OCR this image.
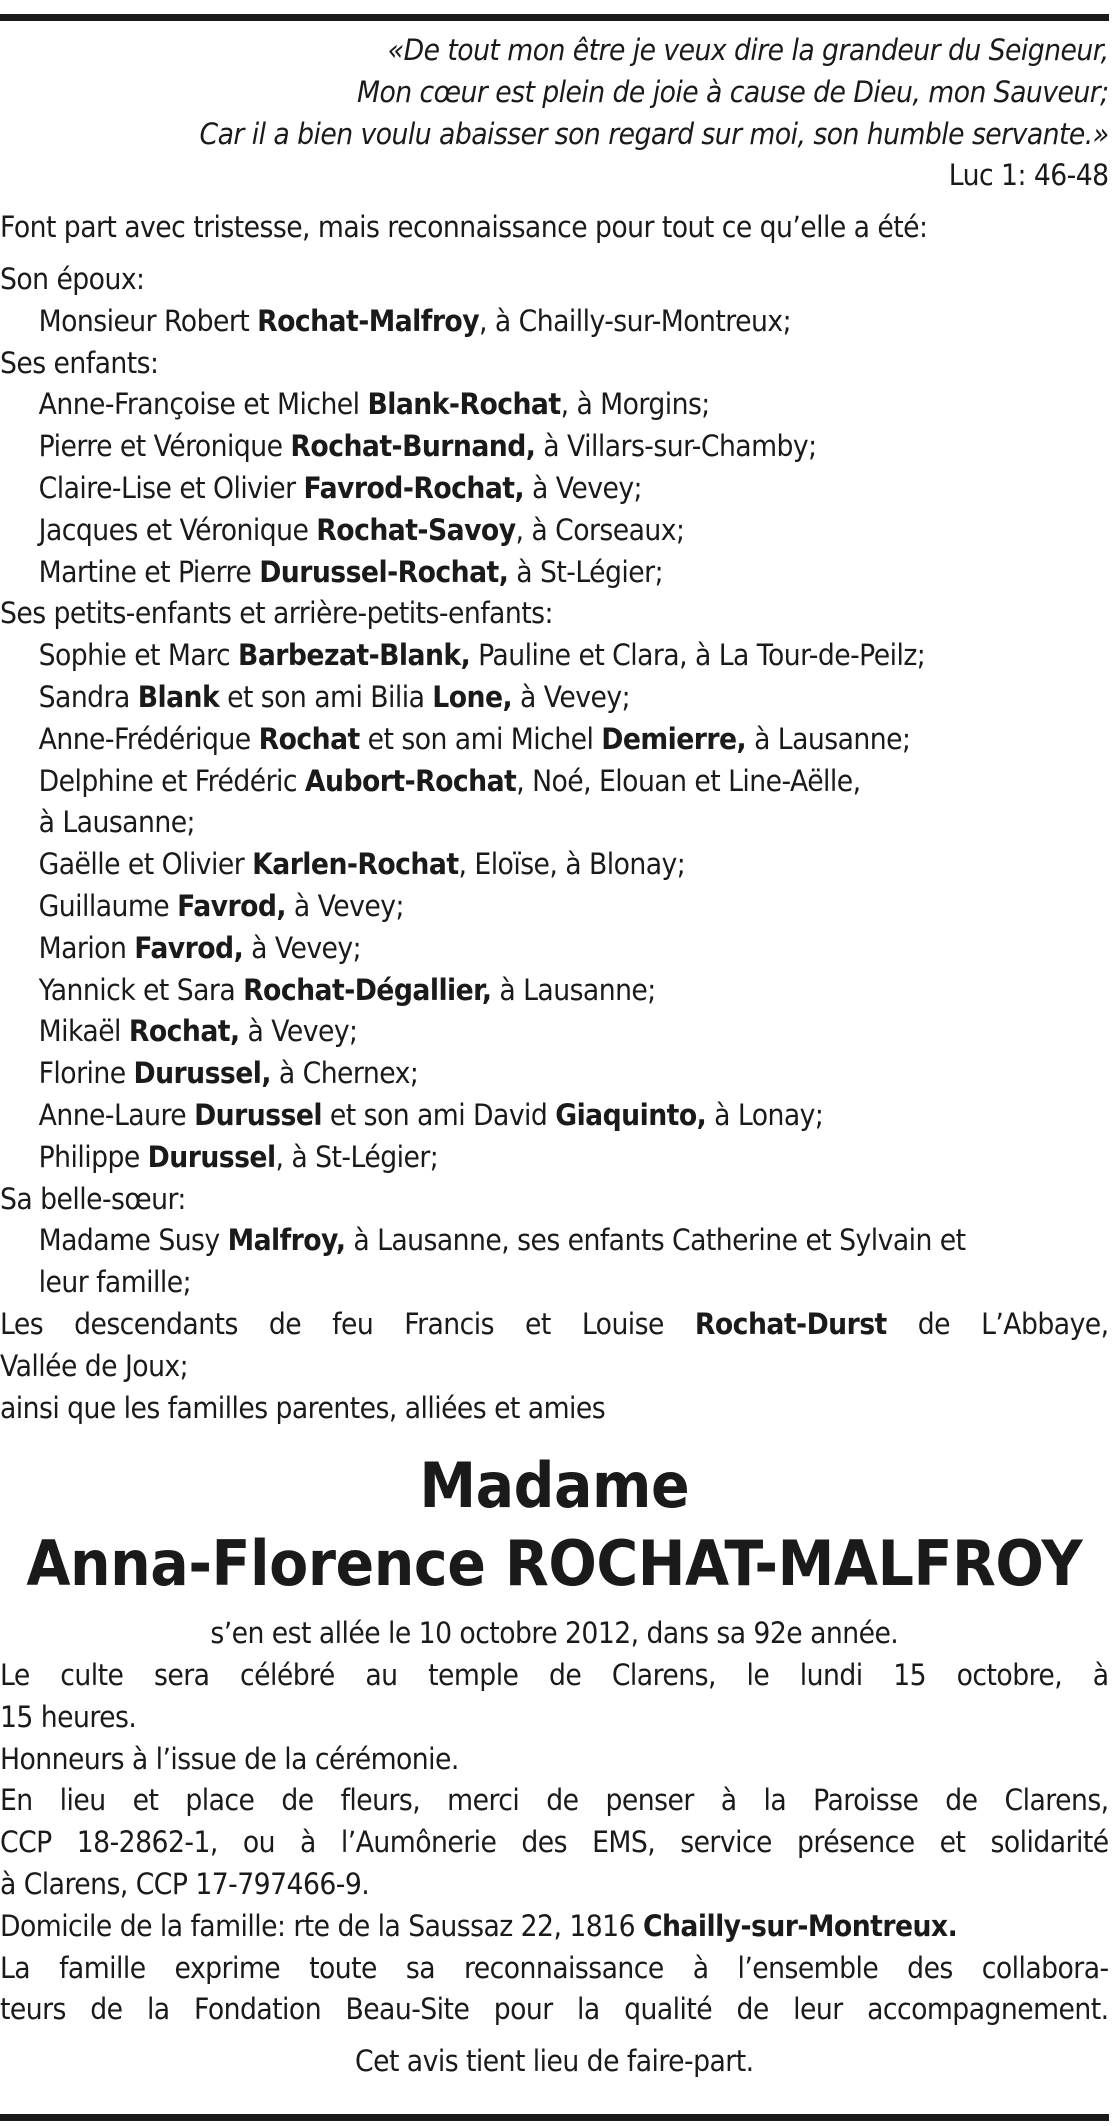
«De tout mon être je veux dire la grandeur du Seigneur,
Mon cœur est plein de joie à cause de Dieu, mon Sauveur;
Car il a bien voulu abaisser son regard sur moi, son humble servante.»
Luc 1: 46-48
Font part avec tristesse, mais reconnaissance pour tout ce qu’elle a été:
Son époux:
Monsieur Robert Rochat-Malfroy, à Chailly-sur-Montreux;
Ses enfants:
Anne-Françoise et Michel Blank-Rochat, à Morgins;
Pierre et Véronique Rochat-Burnand, à Villars-sur-Chamby;
Claire-Lise et Olivier Favrod-Rochat, à Vevey;
Jacques et Véronique Rochat-Savoy, à Corseaux;
Martine et Pierre Durussel-Rochat, à St-Légier;
Ses petits-enfants et arrière-petits-enfants:
Sophie et Marc Barbezat-Blank, Pauline et Clara, à La Tour-de-Peilz;
Sandra Blank et son ami Bilia Lone, à Vevey;
Anne-Frédérique Rochat et son ami Michel Demierre, à Lausanne;
Delphine et Frédéric Aubort-Rochat, Noé, Elouan et Line-Aëlle,
à Lausanne;
Gaëlle et Olivier Karlen-Rochat, Eloïse, à Blonay;
Guillaume Favrod, à Vevey;
Marion Favrod, à Vevey;
Yannick et Sara Rochat-Dégallier, à Lausanne;
Mikaël Rochat, à Vevey;
Florine Durussel, à Chernex;
Anne-Laure Durussel et son ami David Giaquinto, à Lonay;
Philippe Durussel, à St-Légier;
Sa belle-sœur:
Madame Susy Malfroy, à Lausanne, ses enfants Catherine et Sylvain et
leur famille;
Les descendants de feu Francis et Louise Rochat-Durst de L’Abbaye,
Vallée de Joux;
ainsi que les familles parentes, alliées et amies
Madame
Anna-Florence ROCHAT-MALFROY
s’en est allée le 10 octobre 2012, dans sa 92e année.
Le culte sera célébré au temple de Clarens, le lundi 15 octobre, à
15 heures.
Honneurs à l’issue de la cérémonie.
En lieu et place de fleurs, merci de penser à la Paroisse de Clarens,
CCP 18-2862-1, ou à l’Aumônerie des EMS, service présence et solidarité
à Clarens, CCP 17-797466-9.
Domicile de la famille: rte de la Saussaz 22, 1816 Chailly-sur-Montreux.
La famille exprime toute sa reconnaissance à l’ensemble des collabora-
teurs de la Fondation Beau-Site pour la qualité de leur accompagnement.
Cet avis tient lieu de faire-part.
